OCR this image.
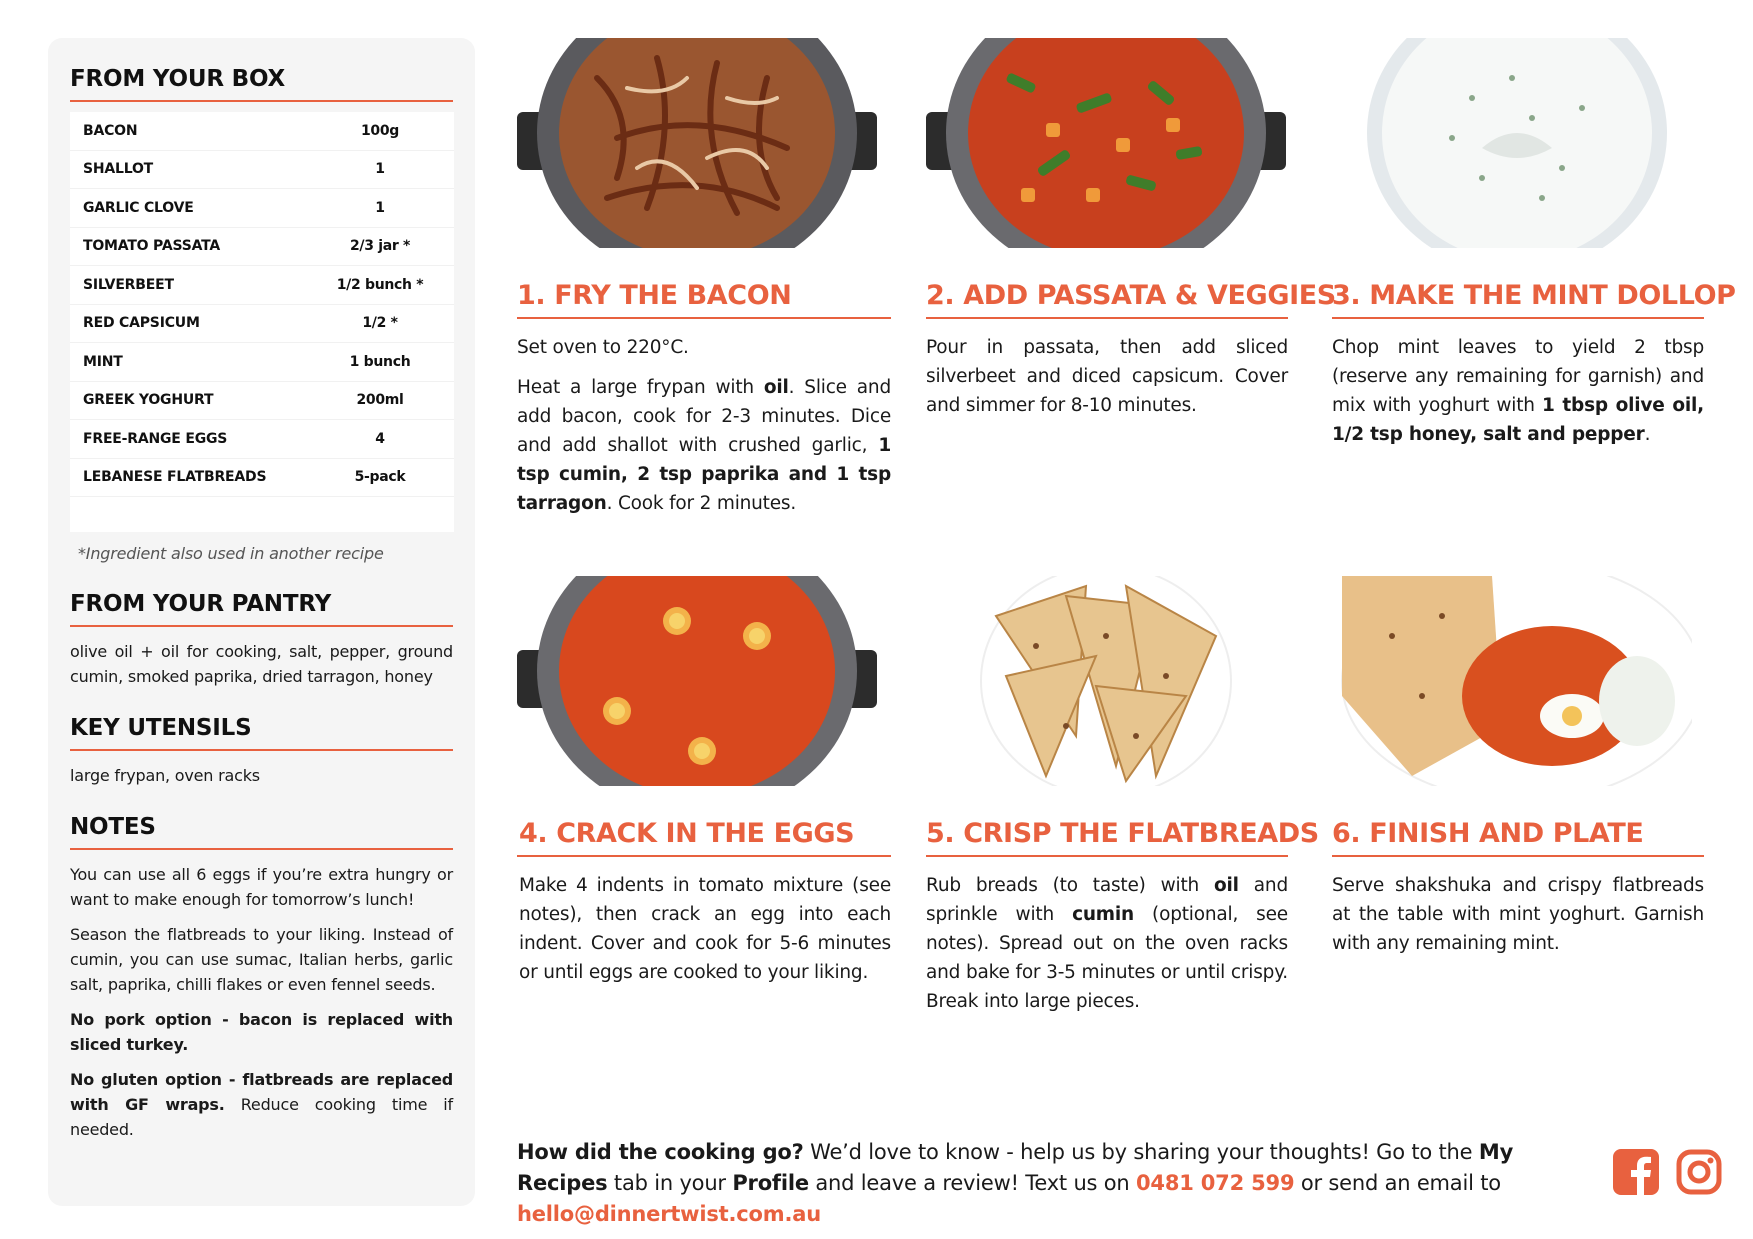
FROM YOUR BOX
BACON	100g
SHALLOT	1
GARLIC CLOVE	1
TOMATO PASSATA	2/3 jar *
SILVERBEET	1/2 bunch *
RED CAPSICUM	1/2 *
MINT	1 bunch
GREEK YOGHURT	200ml
FREE-RANGE EGGS	4
LEBANESE FLATBREADS	5-pack
*Ingredient also used in another recipe
FROM YOUR PANTRY
olive oil + oil for cooking, salt, pepper, ground cumin, smoked paprika, dried tarragon, honey
KEY UTENSILS
large frypan, oven racks
NOTES

You can use all 6 eggs if you’re extra hungry or want to make enough for tomorrow’s lunch!

Season the flatbreads to your liking. Instead of cumin, you can use sumac, Italian herbs, garlic salt, paprika, chilli flakes or even fennel seeds.

No pork option - bacon is replaced with sliced turkey.

No gluten option - flatbreads are replaced with GF wraps. Reduce cooking time if needed.

1. FRY THE BACON

Set oven to 220°C.

Heat a large frypan with oil. Slice and add bacon, cook for 2-3 minutes. Dice and add shallot with crushed garlic, 1 tsp cumin, 2 tsp paprika and 1 tsp tarragon. Cook for 2 minutes.

2. ADD PASSATA & VEGGIES

Pour in passata, then add sliced silverbeet and diced capsicum. Cover and simmer for 8-10 minutes.

3. MAKE THE MINT DOLLOP

Chop mint leaves to yield 2 tbsp (reserve any remaining for garnish) and mix with yoghurt with 1 tbsp olive oil, 1/2 tsp honey, salt and pepper.

4. CRACK IN THE EGGS

Make 4 indents in tomato mixture (see notes), then crack an egg into each indent. Cover and cook for 5-6 minutes or until eggs are cooked to your liking.

5. CRISP THE FLATBREADS

Rub breads (to taste) with oil and sprinkle with cumin (optional, see notes). Spread out on the oven racks and bake for 3-5 minutes or until crispy. Break into large pieces.

6. FINISH AND PLATE

Serve shakshuka and crispy flatbreads at the table with mint yoghurt. Garnish with any remaining mint.

How did the cooking go? We’d love to know - help us by sharing your thoughts! Go to the My Recipes tab in your Profile and leave a review! Text us on 0481 072 599 or send an email to hello@dinnertwist.com.au
